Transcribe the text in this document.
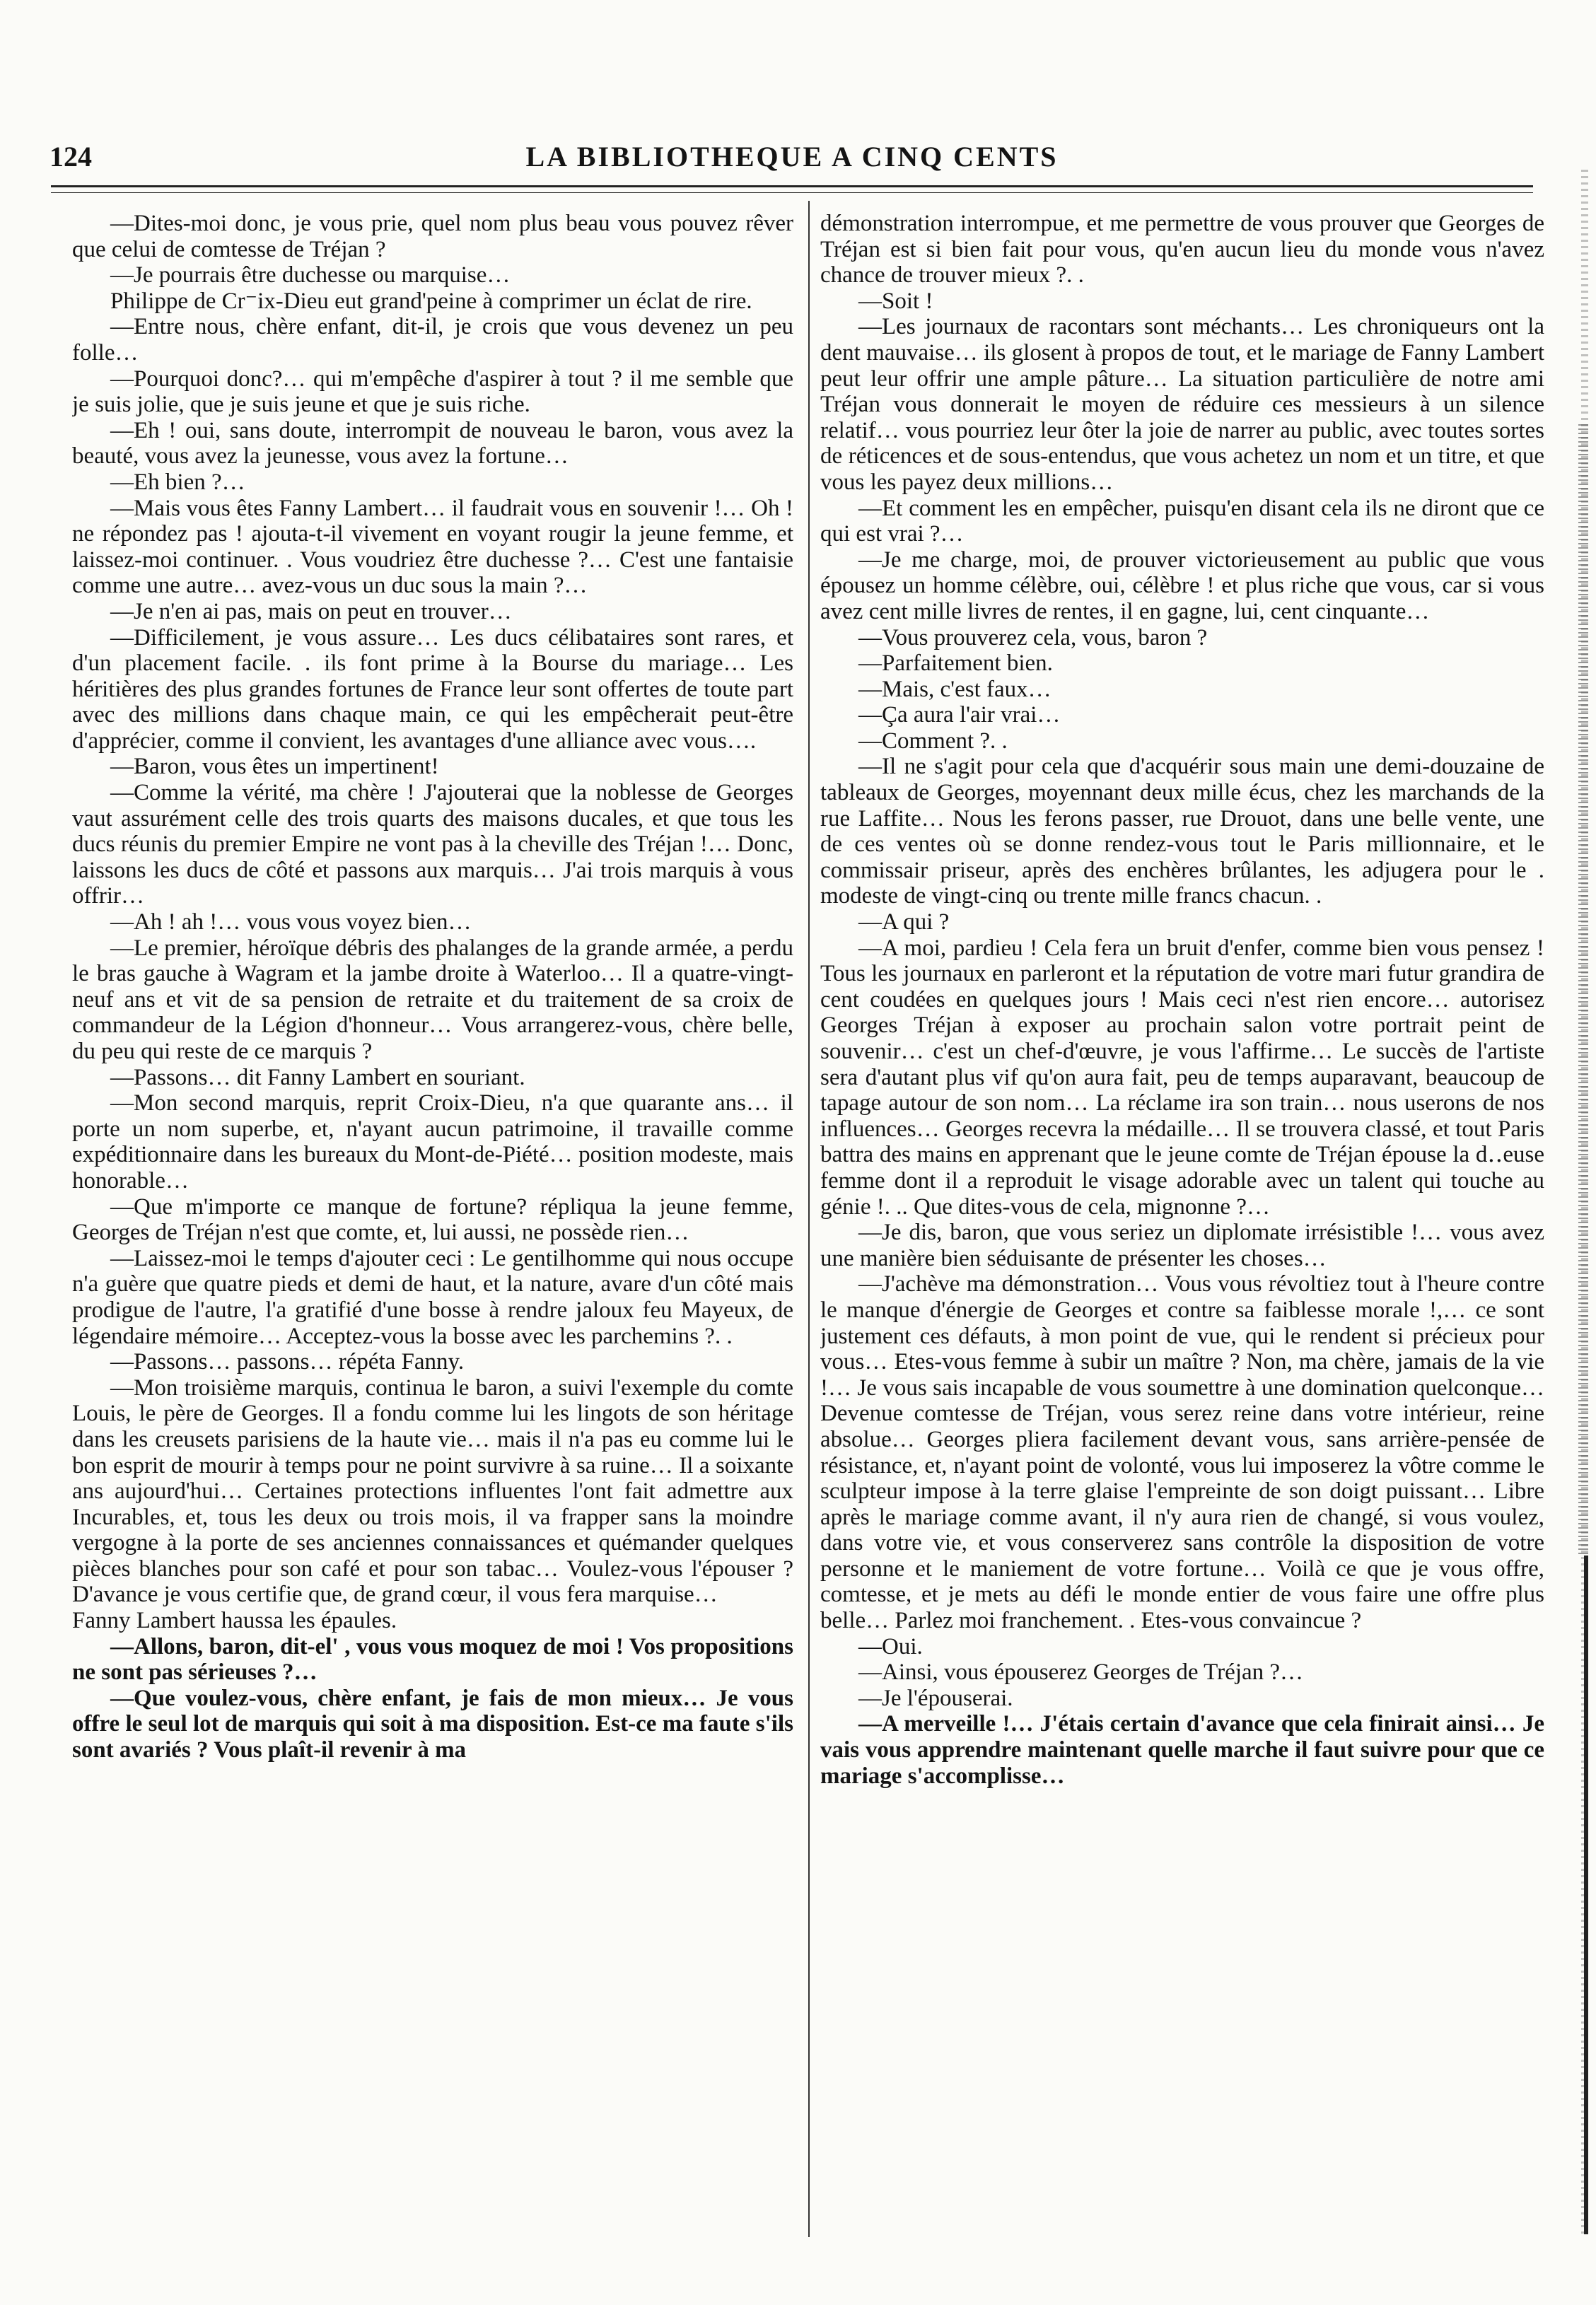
124	LA BIBLIOTHEQUE A CINQ CENTS

—Dites-moi donc, je vous prie, quel nom plus beau vous pouvez rêver que celui de comtesse de Tréjan ?

—Je pourrais être duchesse ou marquise…

Philippe de Cr⁻ix-Dieu eut grand'peine à comprimer un éclat de rire.

—Entre nous, chère enfant, dit-il, je crois que vous devenez un peu folle…

—Pourquoi donc?… qui m'empêche d'aspirer à tout ? il me semble que je suis jolie, que je suis jeune et que je suis riche.

—Eh ! oui, sans doute, interrompit de nouveau le baron, vous avez la beauté, vous avez la jeunesse, vous avez la fortune…

—Eh bien ?…

—Mais vous êtes Fanny Lambert… il faudrait vous en souvenir !… Oh ! ne répondez pas ! ajouta-t-il vivement en voyant rougir la jeune femme, et laissez-moi continuer. . Vous voudriez être duchesse ?… C'est une fantaisie comme une autre… avez-vous un duc sous la main ?…

—Je n'en ai pas, mais on peut en trouver…

—Difficilement, je vous assure… Les ducs célibataires sont rares, et d'un placement facile. . ils font prime à la Bourse du mariage… Les héritières des plus grandes fortunes de France leur sont offertes de toute part avec des millions dans chaque main, ce qui les empêcherait peut-être d'apprécier, comme il convient, les avantages d'une alliance avec vous….

—Baron, vous êtes un impertinent!

—Comme la vérité, ma chère ! J'ajouterai que la noblesse de Georges vaut assurément celle des trois quarts des maisons ducales, et que tous les ducs réunis du premier Empire ne vont pas à la cheville des Tréjan !… Donc, laissons les ducs de côté et passons aux marquis… J'ai trois marquis à vous offrir…

—Ah ! ah !… vous vous voyez bien…

—Le premier, héroïque débris des phalanges de la grande armée, a perdu le bras gauche à Wagram et la jambe droite à Waterloo… Il a quatre-vingt-neuf ans et vit de sa pension de retraite et du traitement de sa croix de commandeur de la Légion d'honneur… Vous arrangerez-vous, chère belle, du peu qui reste de ce marquis ?

—Passons… dit Fanny Lambert en souriant.

—Mon second marquis, reprit Croix-Dieu, n'a que quarante ans… il porte un nom superbe, et, n'ayant aucun patrimoine, il travaille comme expéditionnaire dans les bureaux du Mont-de-Piété… position modeste, mais honorable…

—Que m'importe ce manque de fortune? répliqua la jeune femme, Georges de Tréjan n'est que comte, et, lui aussi, ne possède rien…

—Laissez-moi le temps d'ajouter ceci : Le gentilhomme qui nous occupe n'a guère que quatre pieds et demi de haut, et la nature, avare d'un côté mais prodigue de l'autre, l'a gratifié d'une bosse à rendre jaloux feu Mayeux, de légendaire mémoire… Acceptez-vous la bosse avec les parchemins ?. .

—Passons… passons… répéta Fanny.

—Mon troisième marquis, continua le baron, a suivi l'exemple du comte Louis, le père de Georges. Il a fondu comme lui les lingots de son héritage dans les creusets parisiens de la haute vie… mais il n'a pas eu comme lui le bon esprit de mourir à temps pour ne point survivre à sa ruine… Il a soixante ans aujourd'hui… Certaines protections influentes l'ont fait admettre aux Incurables, et, tous les deux ou trois mois, il va frapper sans la moindre vergogne à la porte de ses anciennes connaissances et quémander quelques pièces blanches pour son café et pour son tabac… Voulez-vous l'épouser ? D'avance je vous certifie que, de grand cœur, il vous fera marquise…

Fanny Lambert haussa les épaules.

—Allons, baron, dit-el' , vous vous moquez de moi ! Vos propositions ne sont pas sérieuses ?…

—Que voulez-vous, chère enfant, je fais de mon mieux… Je vous offre le seul lot de marquis qui soit à ma disposition. Est-ce ma faute s'ils sont avariés ? Vous plaît-il revenir à ma

démonstration interrompue, et me permettre de vous prouver que Georges de Tréjan est si bien fait pour vous, qu'en aucun lieu du monde vous n'avez chance de trouver mieux ?. .

—Soit !

—Les journaux de racontars sont méchants… Les chroniqueurs ont la dent mauvaise… ils glosent à propos de tout, et le mariage de Fanny Lambert peut leur offrir une ample pâture… La situation particulière de notre ami Tréjan vous donnerait le moyen de réduire ces messieurs à un silence relatif… vous pourriez leur ôter la joie de narrer au public, avec toutes sortes de réticences et de sous-entendus, que vous achetez un nom et un titre, et que vous les payez deux millions…

—Et comment les en empêcher, puisqu'en disant cela ils ne diront que ce qui est vrai ?…

—Je me charge, moi, de prouver victorieusement au public que vous épousez un homme célèbre, oui, célèbre ! et plus riche que vous, car si vous avez cent mille livres de rentes, il en gagne, lui, cent cinquante…

—Vous prouverez cela, vous, baron ?

—Parfaitement bien.

—Mais, c'est faux…

—Ça aura l'air vrai…

—Comment ?. .

—Il ne s'agit pour cela que d'acquérir sous main une demi-douzaine de tableaux de Georges, moyennant deux mille écus, chez les marchands de la rue Laffite… Nous les ferons passer, rue Drouot, dans une belle vente, une de ces ventes où se donne rendez-vous tout le Paris millionnaire, et le commissair priseur, après des enchères brûlantes, les adjugera pour le . modeste de vingt-cinq ou trente mille francs chacun. .

—A qui ?

—A moi, pardieu ! Cela fera un bruit d'enfer, comme bien vous pensez ! Tous les journaux en parleront et la réputation de votre mari futur grandira de cent coudées en quelques jours ! Mais ceci n'est rien encore… autorisez Georges Tréjan à exposer au prochain salon votre portrait peint de souvenir… c'est un chef-d'œuvre, je vous l'affirme… Le succès de l'artiste sera d'autant plus vif qu'on aura fait, peu de temps auparavant, beaucoup de tapage autour de son nom… La réclame ira son train… nous userons de nos influences… Georges recevra la médaille… Il se trouvera classé, et tout Paris battra des mains en apprenant que le jeune comte de Tréjan épouse la d‥euse femme dont il a reproduit le visage adorable avec un talent qui touche au génie !. .. Que dites-vous de cela, mignonne ?…

—Je dis, baron, que vous seriez un diplomate irrésistible !… vous avez une manière bien séduisante de présenter les choses…

—J'achève ma démonstration… Vous vous révoltiez tout à l'heure contre le manque d'énergie de Georges et contre sa faiblesse morale !,… ce sont justement ces défauts, à mon point de vue, qui le rendent si précieux pour vous… Etes-vous femme à subir un maître ? Non, ma chère, jamais de la vie !… Je vous sais incapable de vous soumettre à une domination quelconque… Devenue comtesse de Tréjan, vous serez reine dans votre intérieur, reine absolue… Georges pliera facilement devant vous, sans arrière-pensée de résistance, et, n'ayant point de volonté, vous lui imposerez la vôtre comme le sculpteur impose à la terre glaise l'empreinte de son doigt puissant… Libre après le mariage comme avant, il n'y aura rien de changé, si vous voulez, dans votre vie, et vous conserverez sans contrôle la disposition de votre personne et le maniement de votre fortune… Voilà ce que je vous offre, comtesse, et je mets au défi le monde entier de vous faire une offre plus belle… Parlez moi franchement. . Etes-vous convaincue ?

—Oui.

—Ainsi, vous épouserez Georges de Tréjan ?…

—Je l'épouserai.

—A merveille !… J'étais certain d'avance que cela finirait ainsi… Je vais vous apprendre maintenant quelle marche il faut suivre pour que ce mariage s'accomplisse…
